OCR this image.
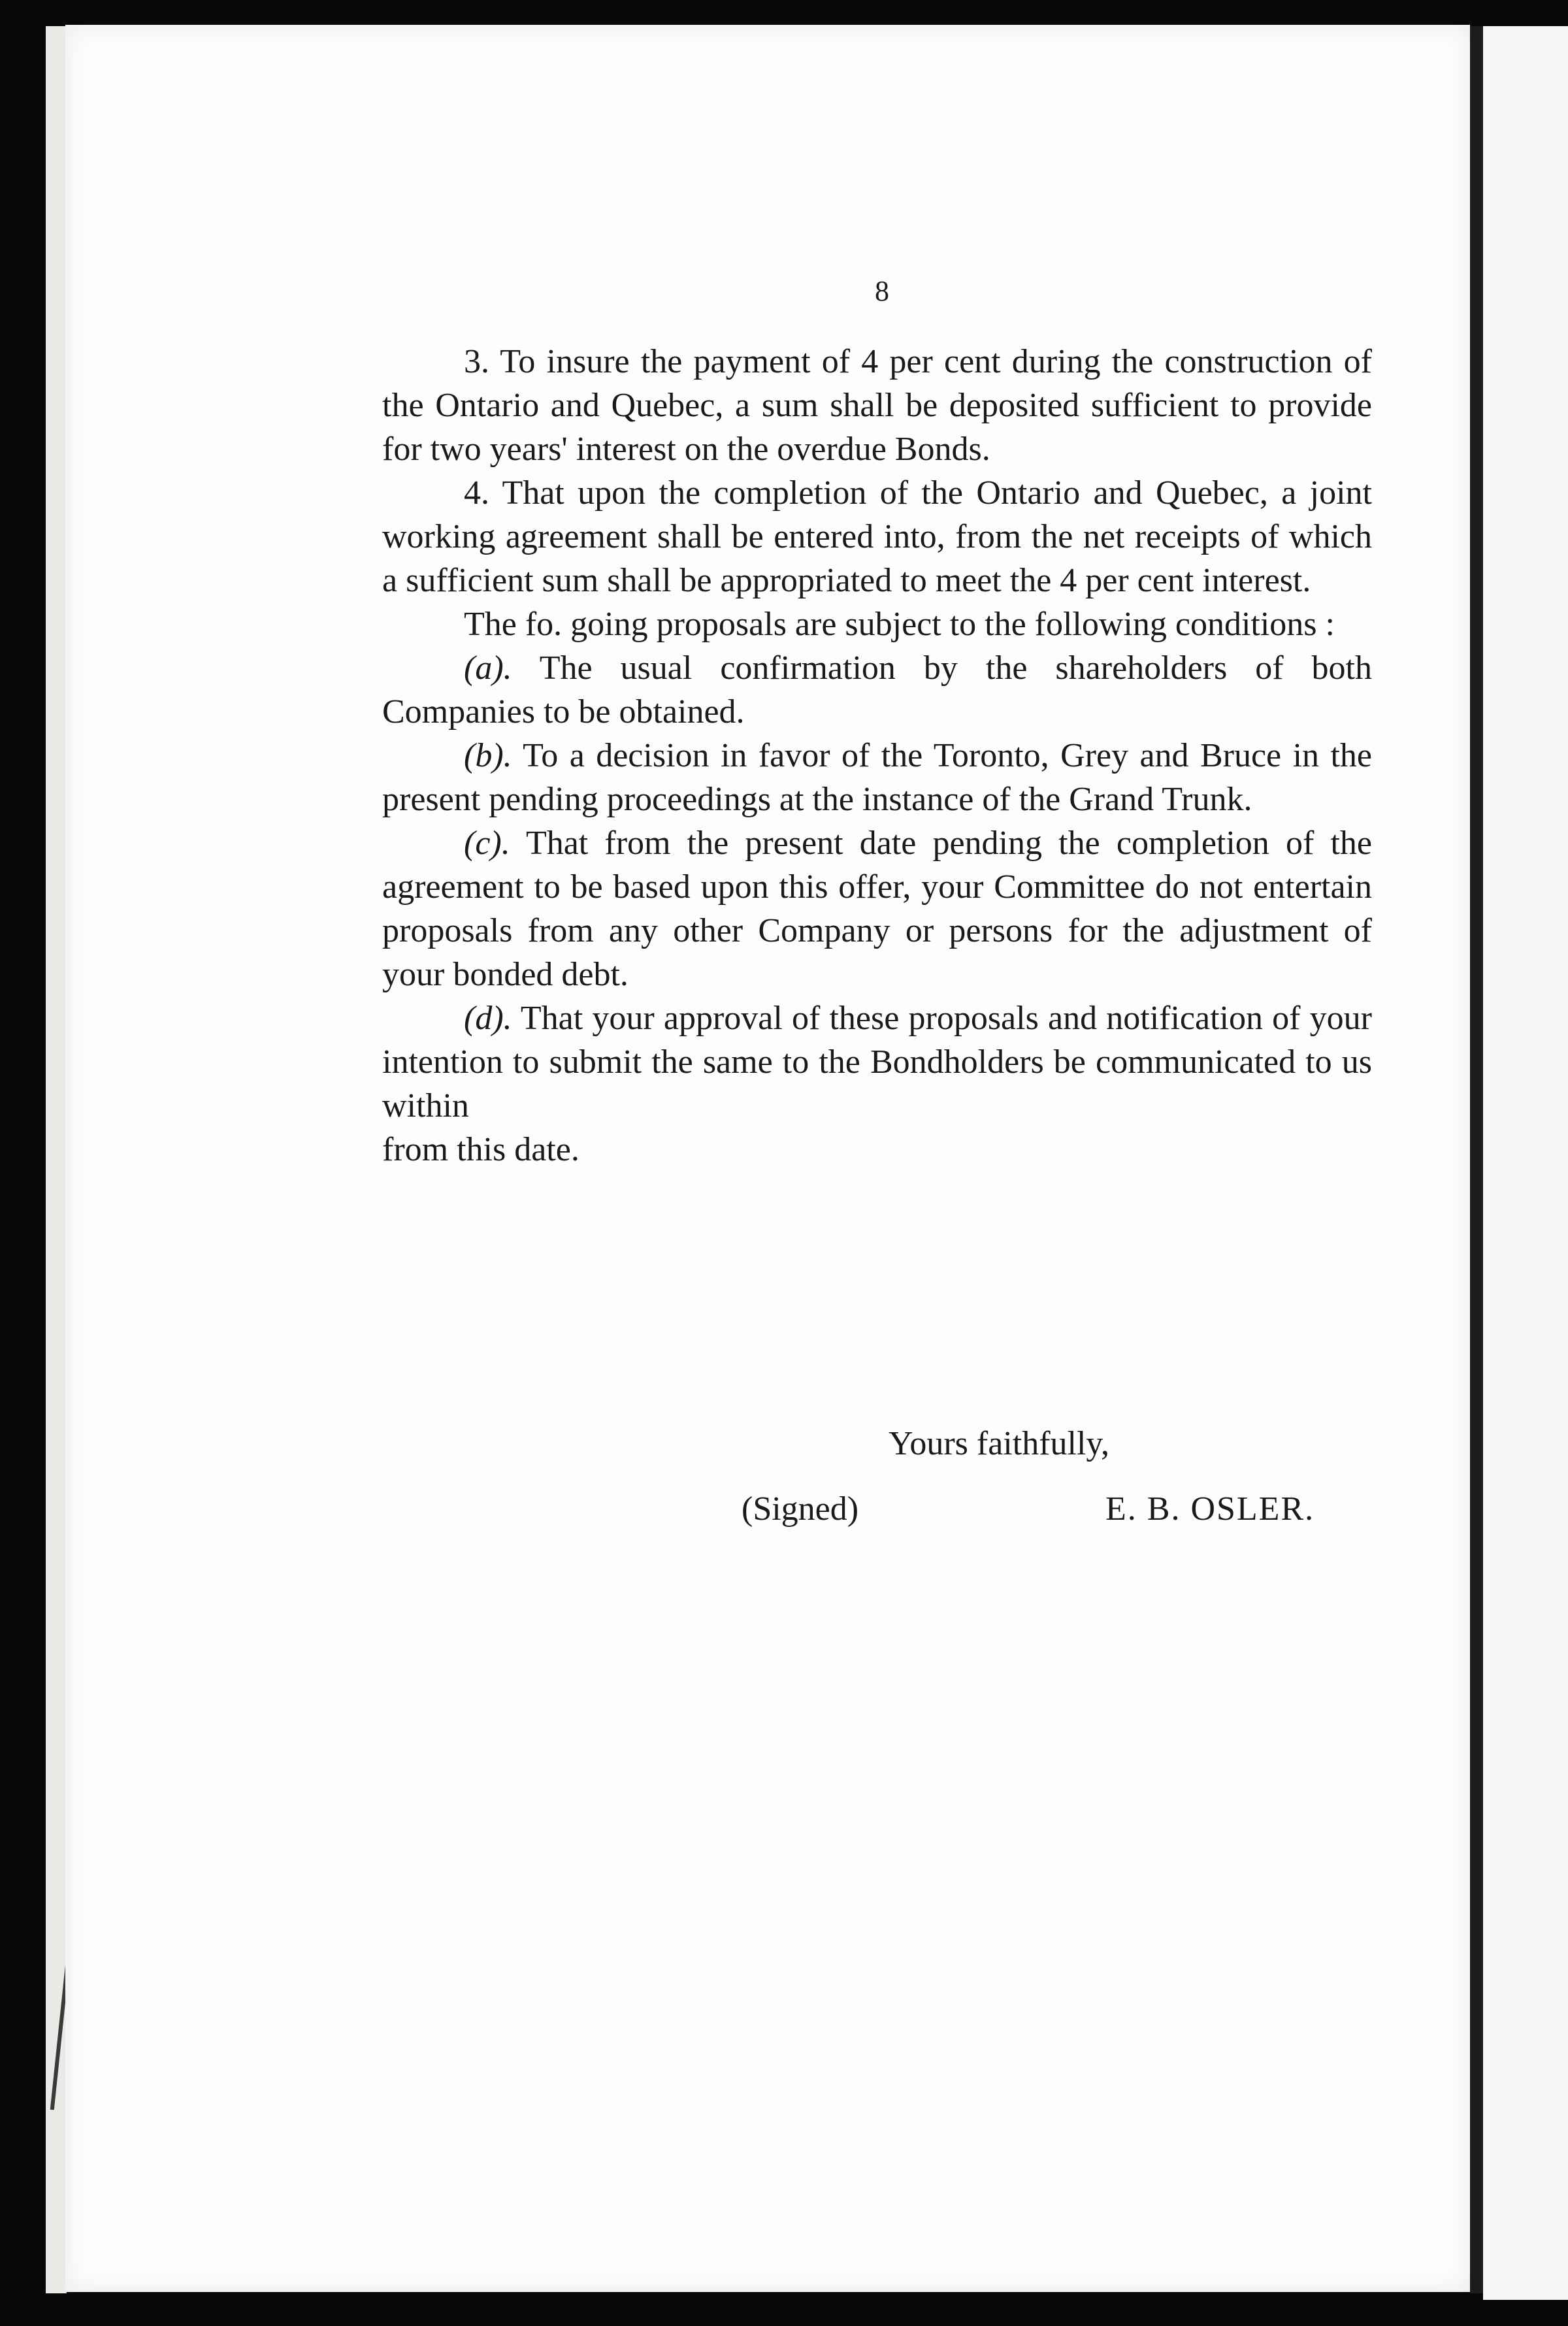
8

3. To insure the payment of 4 per cent during the construction of the Ontario and Quebec, a sum shall be deposited sufficient to provide for two years' interest on the overdue Bonds.

4. That upon the completion of the Ontario and Quebec, a joint working agreement shall be entered into, from the net receipts of which a sufficient sum shall be appropriated to meet the 4 per cent interest.

The fo. going proposals are subject to the following conditions :

(a). The usual confirmation by the shareholders of both Companies to be obtained.

(b). To a decision in favor of the Toronto, Grey and Bruce in the present pending proceedings at the instance of the Grand Trunk.

(c). That from the present date pending the completion of the agreement to be based upon this offer, your Committee do not entertain proposals from any other Company or persons for the adjustment of your bonded debt.

(d). That your approval of these proposals and notification of your intention to submit the same to the Bondholders be communicated to us within

from this date.

Yours faithfully,
(Signed)	E. B. OSLER.
